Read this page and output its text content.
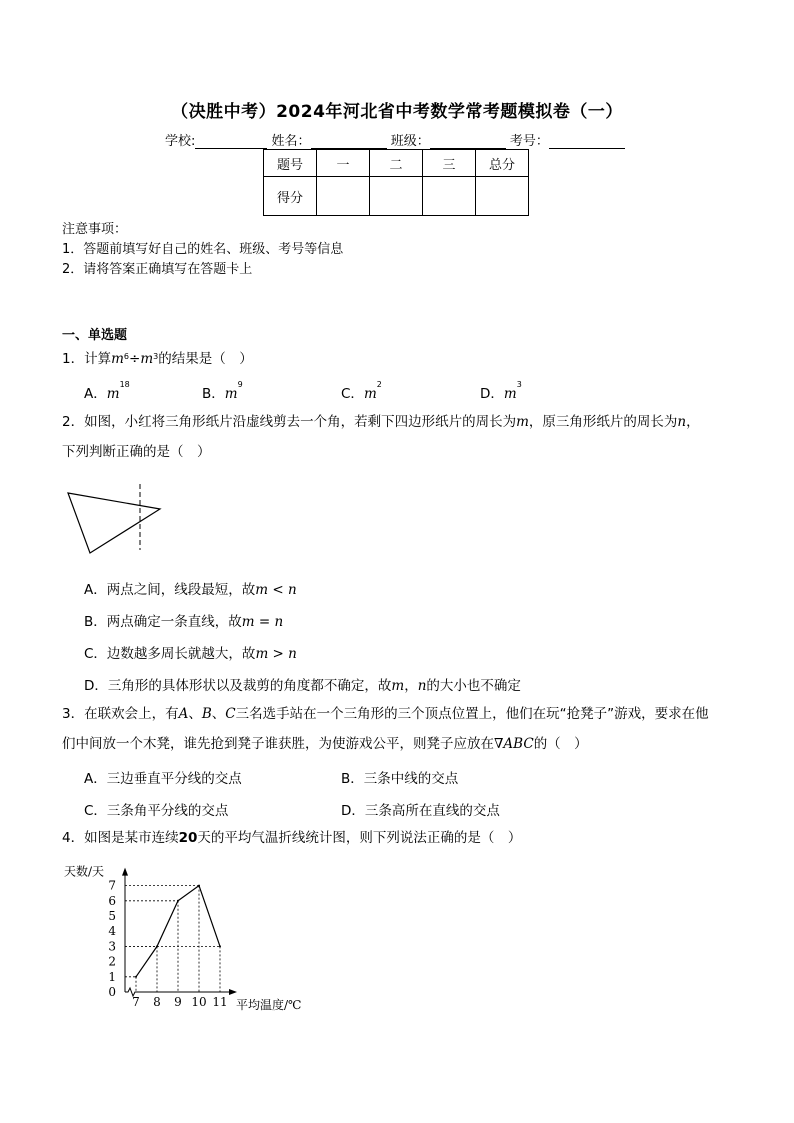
（决胜中考）2024年河北省中考数学常考题模拟卷（一）
学校:	姓名：	班级：	考号：
题号	一	二	三	总分
得分				
注意事项：
1．答题前填写好自己的姓名、班级、考号等信息
2．请将答案正确填写在答题卡上
一、单选题
1．计算$m^6\div m^3$的结果是（　）
A．$m^{18}$
B．$m^9$
C．$m^2$
D．$m^3$
2．如图，小红将三角形纸片沿虚线剪去一个角，若剩下四边形纸片的周长为m，原三角形纸片的周长为n，
下列判断正确的是（　）
A．两点之间，线段最短，故m < n
B．两点确定一条直线，故m = n
C．边数越多周长就越大，故m > n
D．三角形的具体形状以及裁剪的角度都不确定，故m，n的大小也不确定
3．在联欢会上，有A、B、C三名选手站在一个三角形的三个顶点位置上，他们在玩“抢凳子”游戏，要求在他
们中间放一个木凳，谁先抢到凳子谁获胜，为使游戏公平，则凳子应放在∇ABC的（　）
A．三边垂直平分线的交点	B．三条中线的交点
C．三条角平分线的交点	D．三条高所在直线的交点
4．如图是某市连续20天的平均气温折线统计图，则下列说法正确的是（　）
0
1
2
3
4
5
6
7
7 8 9 10 11
天数/天
平均温度/℃
